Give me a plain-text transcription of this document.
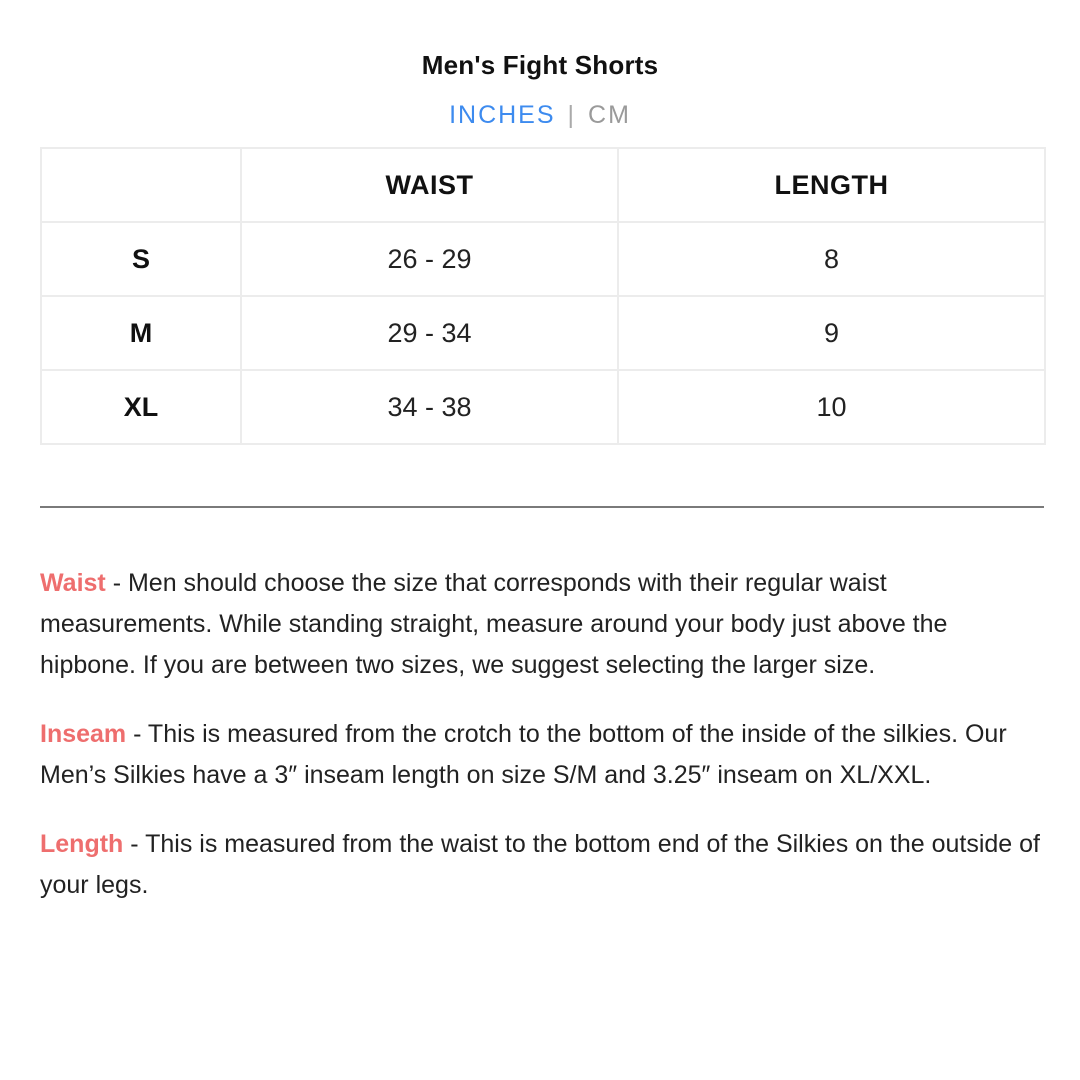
Men's Fight Shorts
INCHES | CM
	WAIST	LENGTH
S	26 - 29	8
M	29 - 34	9
XL	34 - 38	10

Waist - Men should choose the size that corresponds with their regular waist measurements. While standing straight, measure around your body just above the hipbone. If you are between two sizes, we suggest selecting the larger size.

Inseam - This is measured from the crotch to the bottom of the inside of the silkies. Our Men’s Silkies have a 3″ inseam length on size S/M and 3.25″ inseam on XL/XXL.

Length - This is measured from the waist to the bottom end of the Silkies on the outside of your legs.
